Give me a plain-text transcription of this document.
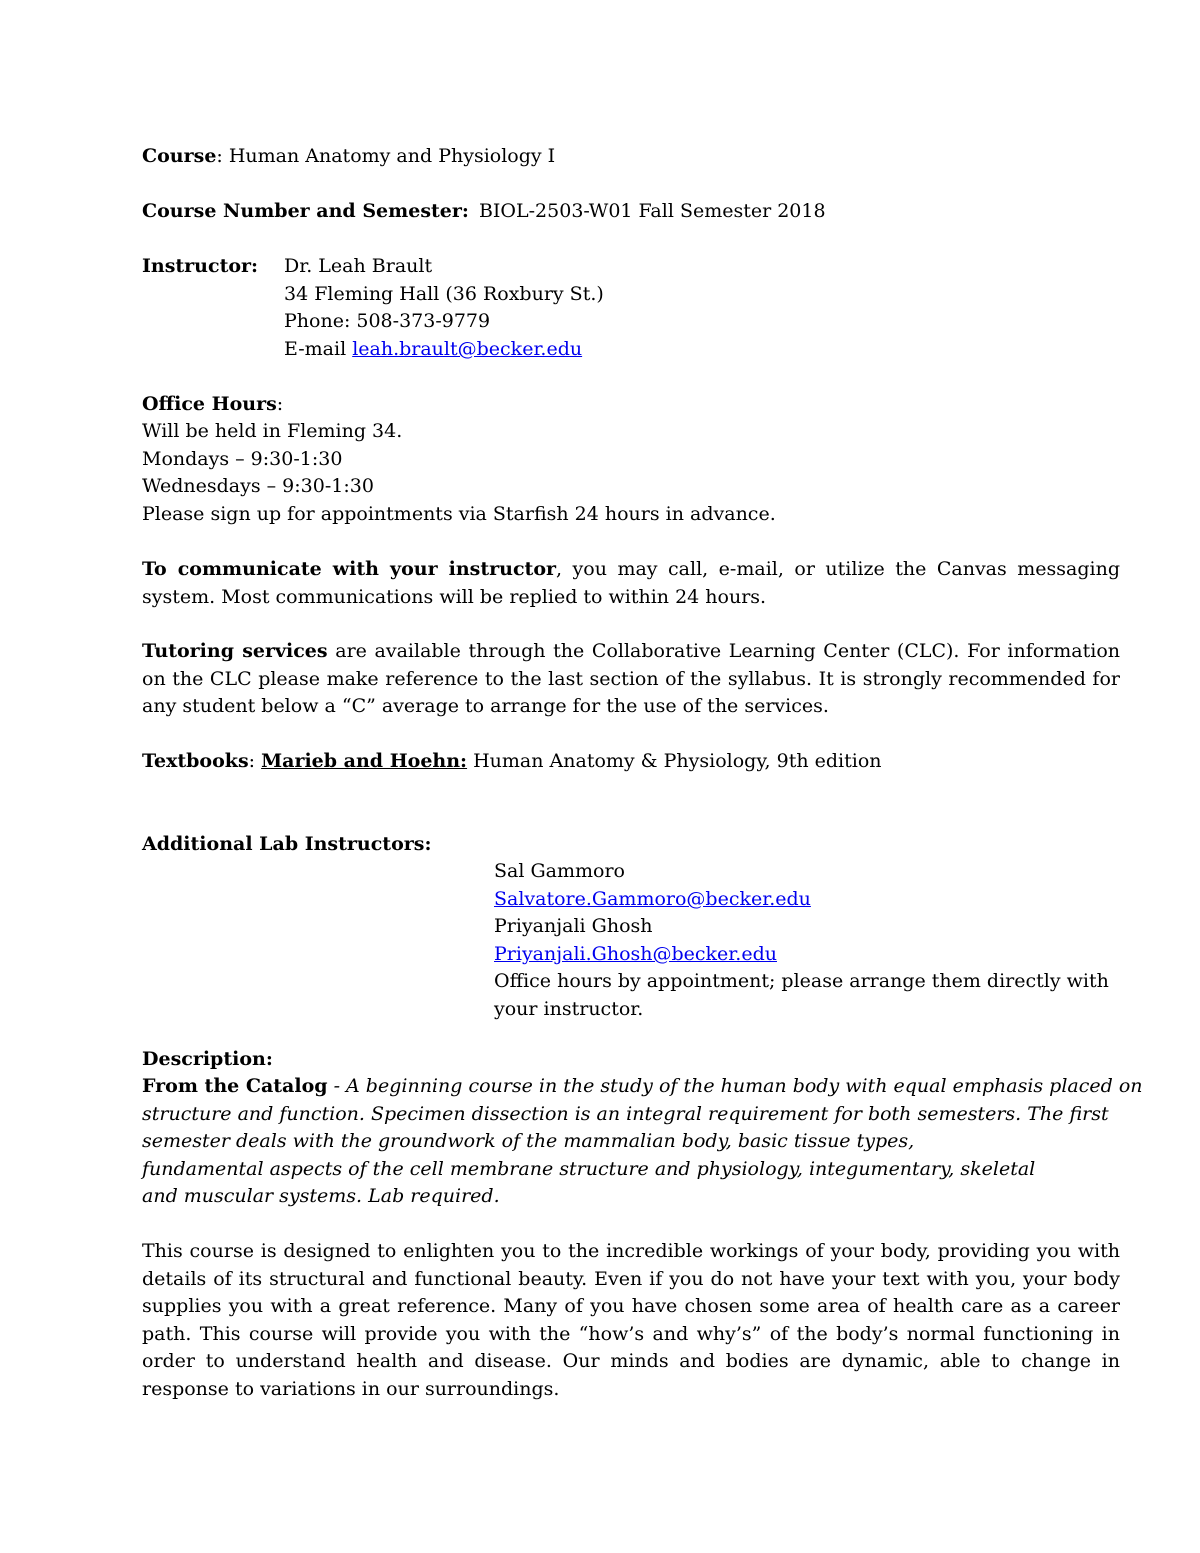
Course: Human Anatomy and Physiology I
Course Number and Semester: BIOL-2503-W01 Fall Semester 2018
Instructor: Dr. Leah Brault
34 Fleming Hall (36 Roxbury St.)
Phone: 508-373-9779
E-mail leah.brault@becker.edu
Office Hours:
Will be held in Fleming 34.
Mondays – 9:30-1:30
Wednesdays – 9:30-1:30
Please sign up for appointments via Starfish 24 hours in advance.
To communicate with your instructor, you may call, e-mail, or utilize the Canvas messaging system. Most communications will be replied to within 24 hours.
Tutoring services are available through the Collaborative Learning Center (CLC). For information on the CLC please make reference to the last section of the syllabus. It is strongly recommended for any student below a “C” average to arrange for the use of the services.
Textbooks: Marieb and Hoehn: Human Anatomy & Physiology, 9th edition
Additional Lab Instructors:
Sal Gammoro
Salvatore.Gammoro@becker.edu
Priyanjali Ghosh
Priyanjali.Ghosh@becker.edu
Office hours by appointment; please arrange them directly with
your instructor.
Description:
From the Catalog - A beginning course in the study of the human body with equal emphasis placed on
structure and function. Specimen dissection is an integral requirement for both semesters. The first
semester deals with the groundwork of the mammalian body, basic tissue types,
fundamental aspects of the cell membrane structure and physiology, integumentary, skeletal
and muscular systems. Lab required.
This course is designed to enlighten you to the incredible workings of your body, providing you with details of its structural and functional beauty. Even if you do not have your text with you, your body supplies you with a great reference. Many of you have chosen some area of health care as a career path. This course will provide you with the “how’s and why’s” of the body’s normal functioning in order to understand health and disease. Our minds and bodies are dynamic, able to change in response to variations in our surroundings.
